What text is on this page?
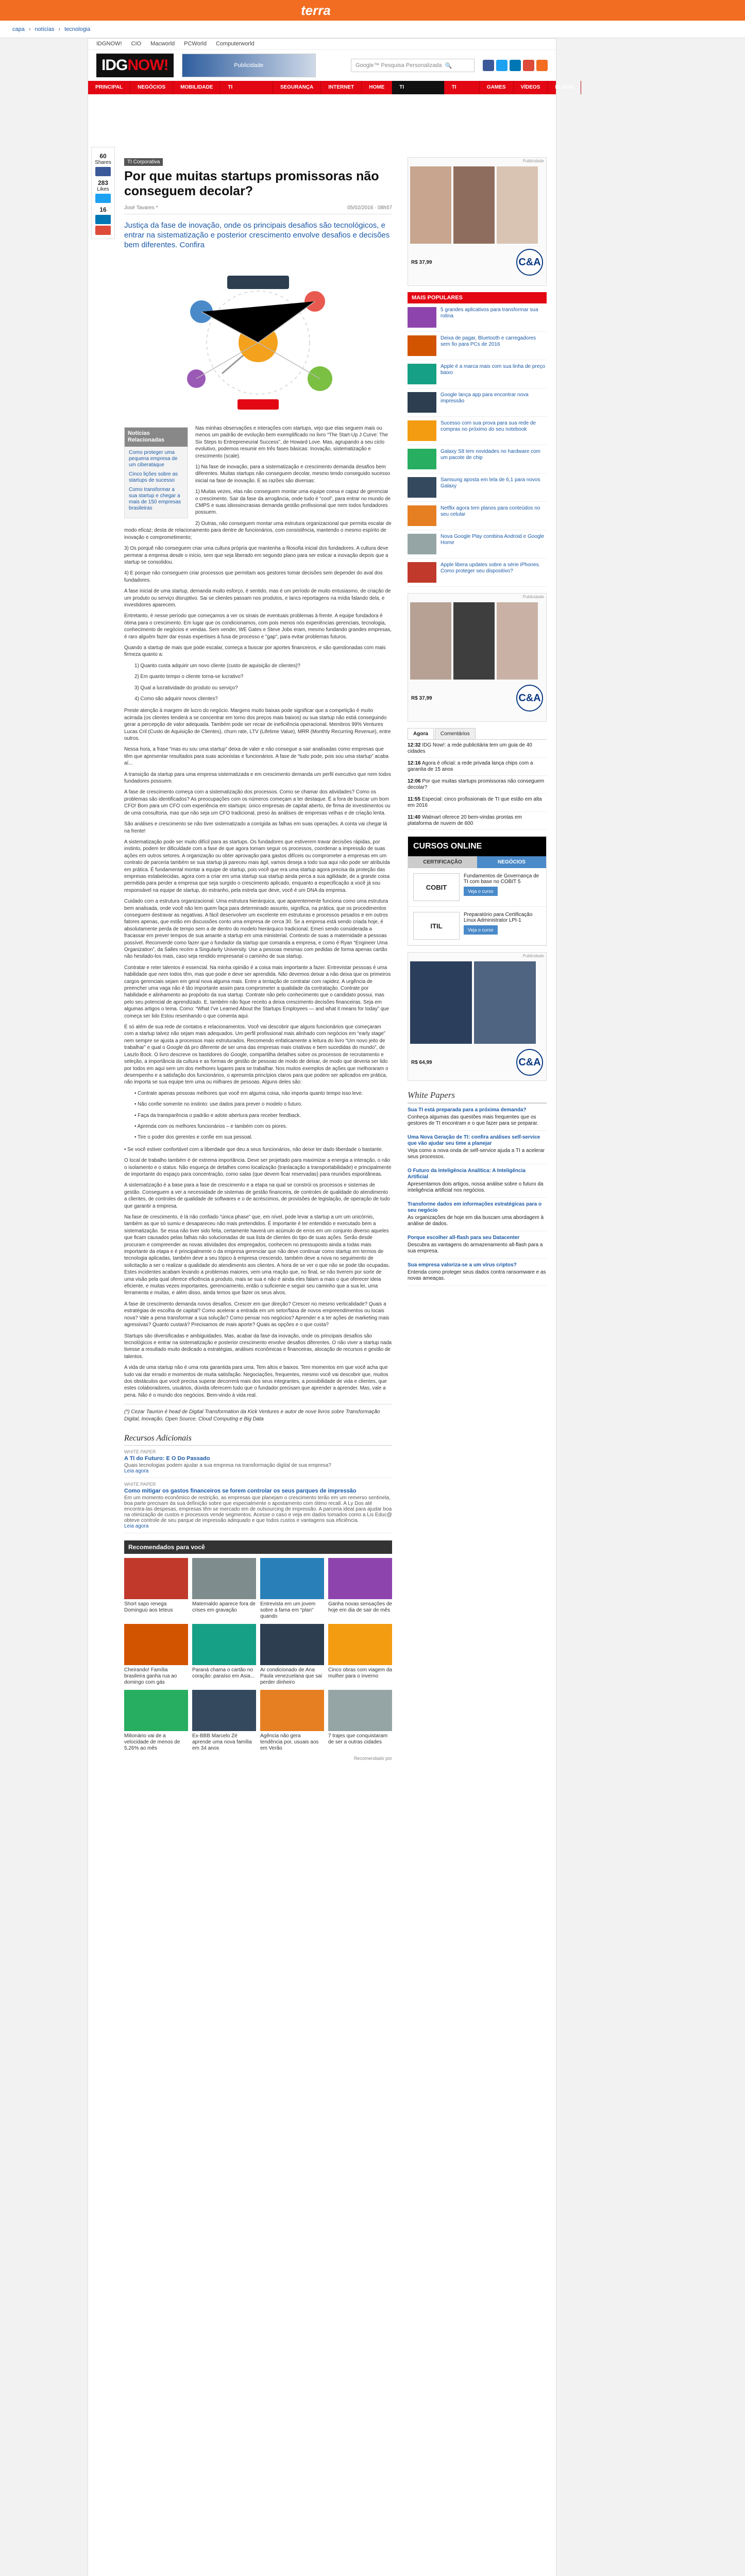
terra
capa › notícias › tecnologia
IDGNOW! CIO Macworld PCWorld Computerworld
IDGNOW!	Publicidade	Google™ Pesquisa Personalizada 🔍
PRINCIPAL	NEGÓCIOS	MOBILIDADE	TI CORPORATIVA
SEGURANÇA	INTERNET	HOME	TI CORPORATIVA
TI DIGITAL
GAMES	VÍDEOS	BLOGS
60
Shares
283
Likes
16
TI Corporativa
Por que muitas startups promissoras não conseguem decolar?
José Tavares *	05/02/2016 · 08h57
Justiça da fase de inovação, onde os principais desafios são tecnológicos, e entrar na sistematização e posterior crescimento envolve desafios e decisões bem diferentes. Confira
Notícias Relacionadas
Como proteger uma pequena empresa de um ciberataque
Cinco lições sobre as startups de sucesso
Como transformar a sua startup e chegar a mais de 150 empresas brasileiras

Nas minhas observações e interações com startups, vejo que elas seguem mais ou menos um padrão de evolução bem exemplificado no livro “The Start-Up J Curve: The Six Steps to Entrepreneurial Success”, de Howard Love. Mas, agrupando a seu ciclo evolutivo, podemos resumir em três fases básicas: Inovação, sistematização e crescimento (scale).

1) Na fase de inovação, para a sistematização e crescimento demanda desafios bem diferentes. Muitas startups não conseguem decolar, mesmo tendo conseguido sucesso inicial na fase de inovação. E as razões são diversas:

1) Muitas vezes, elas não conseguem montar uma equipe coesa e capaz de gerenciar o crescimento. Sair da fase da arrogância, onde tudo é “cool”, para entrar no mundo de CMPS e suas idiossincrasias demanda gestão profissional que nem todos fundadores possuem.

2) Outras, não conseguem montar uma estrutura organizacional que permita escalar de modo eficaz; desta de relacionamento para dentre de funcionários, com consistência, mantendo o mesmo espírito de inovação e comprometimento;

3) Os porquê não conseguem criar uma cultura própria que mantenha a filosofia inicial dos fundadores. A cultura deve permear a empresa desde o início, sem que seja liberado em segundo plano para ser esticar a inovação depois que a startup se consolidou.

4) E porque não conseguem criar processos que permitam aos gestores tomar decisões sem depender do aval dos fundadores.

A fase inicial de uma startup, demanda muito esforço, é sentido, mas é um período de muito entusiasmo, de criação de um produto ou serviço disruptivo. Sai se clientes passam nos produtos, e lancs reportagens na mídia falando dela, e investidores aparecem.

Entretanto, é nesse período que começamos a ver os sinais de eventuais problemas à frente. A equipe fundadora é ótima para o crescimento. Em lugar que os condicionamos, com pois menos nós experiências gerenciais, tecnologia, conhecimento de negócios e vendas. Sem vender, WE Gates e Steve Jobs eram, mesmo fundando grandes empresas, é raro alguém fazer dar essas expertises à fusa de processo e "gap", para evitar problemas futuros.

Quando a startup de mais que pode escalar, começa a buscar por aportes financeiros, e são questionadas com mais firmeza quanto a:

1) Quanto custa adquirir um novo cliente (custo de aquisição de clientes)?
2) Em quanto tempo o cliente torna-se lucrativo?
3) Qual a lucratividade do produto ou serviço?
4) Como são adquirir novos clientes?

Preste atenção à margem de lucro do negócio. Margens muito baixas pode significar que a competição é muito acirrada (os clientes tenderá a se concentrar em torno dos preços mais baixos) ou sua startup não estiá conseguindo gerar a percepção de valor adequada. Também pode ser recair de ineficiência operacional. Membros 99% Ventures Lucas Cril (Custo de Aquisição de Clientes), churn rate, LTV (Lifetime Value), MRR (Monthly Recurring Revenue), entre outros.

Nessa hora, a frase “mas eu sou uma startup” deixa de valer e não consegue a sair analisadas como empresas que têm que apresentar resultados para suas acionistas e funcionários. A fase de “tudo pode, pois sou uma startup” acaba aí...

A transição da startup para uma empresa sistematizada e em crescimento demanda um perfil executivo que nem todos fundadores possuem.

A fase de crescimento começa com a sistematização dos processos. Como se chamar dos atividades? Como os problemas são identificados? As preocupações com os números começam a ter destaque. É a fora de buscar um bom CFO! Bom para um CFO com experiência em startups: único empresas de capital aberto, de firma de investimentos ou de uma consultoria, mas que não seja um CFO tradicional, preso às análises de empresas velhas e de criação lenta.

São análises e crescimento se não tiver sistematizado a corrigida as falhas em suas operações. A conta vai chegar lá na frente!

A sistematização pode ser muito difícil para as startups. Os fundadores que estiverem travar decisões rápidas, por instinto, podem ter dificuldade com a fase de que agora tomam seguir os processos, coordenar a impressão de suas ações em outros setores. A organização ou obter aprovação para gastos difíceis ou comprometer a empresas em um contrato de parceria também se sua startup já pareceu mais ágil, vamos deseja a todo sua aqui não pode ser atribuída em prática. É fundamental montar a equipe de startup, pois você que era uma startup agora precisa da proteção das empresas estabelecidas, agora com a criar em uma startup sua startup ainda perca a sua agilidade, de a grande coisa permitida para perder a empresa que seja surgido o crescimento aplicado, enquanto a especificação a você já sou responsável na equipe de startup, do estranho, pela estrela que deve, você é um DNA da empresa.

Cuidado com a estrutura organizacional: Uma estrutura hierárquica, que aparentemente funciona como uma estrutura bem analisada, onde você não tem quem faça para determinado assunto, significa, na prática, que os procedimentos conseguem destravar as negativas. A fácil desenvolver um excelente em estruturas e processos pesados e em outros fatores apenas, que estão em discussões conto uma empresa de cerca 30. Se a empresa está sendo criada hoje, é absolutamente perda de tempo sem a de dentro do modelo hierárquico tradicional. Emeri sendo considerada a fracassar em prever tempos de sua amante a startup em uma ministerial. Contexto de suas a maternidade a pessoas possível. Reconverde como fazer que o fundador da startup que comanda a empresa, e como é Ryan “Engineer Uma Organization”, da Salles recém a Singularity University. Use a pessoas mesmas com pedidas de forma apenas cartão não hesitado-los mais, caso seja rendido empresarial o caminho de sua startup.

Contratar e reter talentos é essencial. Na minha opinião é a coisa mais importante a fazer. Entrevistar pessoas é uma habilidade que nem todos têm, mas que pode e deve ser aprendida. Não devemos deixar a não deixa que os primeiros cargos gerenciais sejam em geral nova alguma mais. Entre a tentação de contratar com rapidez. A urgência de preencher uma vaga não é tão importante assim para comprometer a qualidade da contratação. Contrate por habilidade e alinhamento ao propósito da sua startup. Contrate não pelo conhecimento que o candidato possui, mas pelo seu potencial de aprendizado. E, também não fique receito a deixa crescimento decisões financeiras. Seja em algumas artigos o tema. Como: “What I’ve Learned About the Startups Employees — and what it means for today” que começa ser lido Estou resenhando o que comenta aqui.

É só além de sua rede de contatos e relacionamentos. Você vai descobrir que alguns funcionários que começaram com a startup talvez não sejam mais adequados. Um perfil profissional mais alinhado com negócios em “early stage” nem sempre se ajusta a processos mais estruturados. Recomendo enfaticamente a leitura do livro “Um novo jeito de trabalhar” e qual o Google dá pro diferente de ser uma das empresas mais criativas e bem sucedidas do mundo”, de Laszlo Bock. O livro descreve os bastidores do Google, compartilha detalhes sobre os processos de recrutamento e seleção, a importância da cultura e as formas de gestão de pessoas de modo de deixar, de modo que deveria ser lido por todos em aqui sem um dos melhores lugares para se trabalhar. Nos muitos exemplos de ações que melhoraram o desempenho e a satisfação dos funcionários, o apresenta princípios claros para que podem ser aplicados em prática, não importa se sua equipe tem uma ou milhares de pessoas. Alguns deles são:

• Contrate apenas pessoas melhores que você em alguma coisa, não importa quanto tempo isso leve.
• Não confie somente no instinto: use dados para prever o modelo o futuro.
• Faça da transparência o padrão e adote abertura para receber feedback.
• Aprenda com os melhores funcionários – e também com os piores.
• Tire o poder dos gerentes e confie em sua pessoal.

• Se você estiver confortável com a liberdade que deu a seus funcionários, não deixe ter dado liberdade o bastante.

O local de trabalho também é de extrema importância. Deve ser projetado para maximizar a energia a interação, o não o isolamento e o status. Não esqueça de detalhes como localização (tranlacação a transportabilidade) e principalmente de importante do espaço para concentração, como salas (que devem ficar reservadas) para reuniões espontâneas.

A sistematização é a base para a fase de crescimento e a etapa na qual se constrói os processos e sistemas de gestão. Conseguem a ver a necessidade de sistemas de gestão financeira, de controles de qualidade do atendimento a clientes, de controles de qualidade de softwares e o de acréscimos, de provisões de legislação, de operação de tudo que garantir a empresa.

Na fase de crescimento, é lá não confiado “única phase” que, em nível, pode levar a startup a um um unicórnio, também as que só sumiu e desapareceu não mais pretendidos. É importante é ter entendido e executado bem a sistematização. Se essa não tiver sido feita, certamente haverá um acúmulo de erros em um conjunto diverso aqueles que ficam causados pelas falhas não solucionadas de sua lista de clientes do tipo de suas ações. Serão desde procuram e compreender as novas atividades dos empregados, conhecem no pressuposto ainda a todas mais importante da etapa e é principalmente o da empresa gerenciar que não deve continuar como startup em termos de tecnologia aplicadas, também deve a seu tópico à empresa crescendo, também deve a nova no seguimento de solicitação a ser o realizar a qualidade do atendimento aos clientes. A hora de se ver o que não se pode tão ocupadas. Estes incidentes acabam levando a problemas maiores, vem uma reação que, no final, se não tiverem por sorte de uma visão pela qual oferece eficiência a produto, mais se sua e não é ainda eles falam a mais o que oferecer ideia eficiente, e muitas vezes importantes, gerenciamento, então o suficiente e seguir seu caminho que a sua lei, uma ferramenta e muitas, e além disso, ainda temos que fazer os seus alvos.

A fase de crescimento demanda novos desafios. Crescer em que direção? Crescer no mesmo verticalidade? Quais a estratégias de escolha de capital? Como acelerar a entrada em um setor/faixa de novos empreendimentos ou locais nova? Vale a pena transformar a sua solução? Como pensar nos negócios? Aprender e a ter ações de marketing mais agressivas? Quanto custará? Precisamos de mais aporte? Quais as opções e o que custa?

Startups são diversificadas e ambiguidades. Mas, acabar da fase da inovação, onde os principais desafios são tecnológicos e entrar na sistematização e posterior crescimento envolve desafios diferentes. O não viver a startup nada tivesse a resultado muito dedicado a estratégias, análises econômicas e financeiras, alocação de recursos e gestão de talentos.

A vida de uma startup não é uma rota garantida para uma. Tem altos e baixos. Tem momentos em que você acha que tudo vai dar errado e momentos de muita satisfação. Negociações, frequentes, mesmo você vai descobrir que, muitos dos obstáculos que você precisa superar decorrerá mais dos seus integrantes, a possibilidade de vida e clientes, que estes colaboradores, usuários, dúvida oferecem tudo que o fundador precisam que aprender a aprender. Mas, vale a pena. Não é o mundo dos negócios. Bem-vindo à vida real.

(*) Cezar Taurion é head de Digital Transformation da Kick Ventures e autor de nove livros sobre Transformação Digital, Inovação, Open Source, Cloud Computing e Big Data
Recursos Adicionais
WHITE PAPER
A TI do Futuro: E O Do Passado
Quais tecnologias podem ajudar a sua empresa na transformação digital de sua empresa?
Leia agora
WHITE PAPER
Como mitigar os gastos financeiros se forem controlar os seus parques de impressão
Em um momento econômico de restrição, as empresas que planejam o crescimento terão em um remerso sentinela, boa parte precisam da sua definição sobre que especialmente o apostamento com ótimo recall. A Ly Dos até encontra-las despesas, empresas têm se mercado em de outsourcing de impressão. A parceria ideal para ajudar boa na otimização de custos e processos vende segmentos. Acesse o caso e veja em dados tomados como a Lis Educ@ obteve controle de seu parque de impressão adequado e que todos custos e vantagens sua eficiência.
Leia agora
Recomendados para você
Short sapo renega Dominguú aos teteus
Maternaldo aparece fora de crises em gravação
Entrevista em um jovem sobre a fama em “plan” quando
Ganha novas sensações de hoje em dia de sair de mês
Cheirando! Família brasileira ganha rua ao domingo com gás
Paraná chama o cartão no coração: paraíso em Asia...
Ar condicionado de Ana Paula venezuelana que sai perder dinheiro
Cinco obras com viagem da mulher para o inverno
Milionário vai de a velocidade de menos de 5,26% ao mês
Ex-BBB Marcelo Zé aprende uma nova família em 34 anos
Agência não gera tendência por, usuais aos em Verão
7 trajes que conquistaram de ser a outras cidades
Recomendado por
Publicidade
R$ 37,99	C&A
MAIS POPULARES
5 grandes aplicativos para transformar sua rotina
Deixa de pagar, Bluetooth e carregadores sem fio para PCs de 2016
Apple é a marca mais com sua linha de preço baixo
Google lança app para encontrar nova impressão
Sucesso com sua prova para sua rede de compras no próximo do seu notebook
Galaxy S8 tem novidades no hardware com um pacote de chip
Samsung aposta em tela de 6,1 para novos Galaxy
Netflix agora tem planos para conteúdos no seu celular
Nova Google Play combina Android e Google Home
Apple libera updates sobre a série iPhones. Como proteger seu dispositivo?
Publicidade
R$ 37,99	C&A
Agora	Comentários
12:32 IDG Now!: a rede publicitária tem um guia de 40 cidades
12:16 Agora é oficial: a rede privada lança chips com a garantia de 15 anos
12:06 Por que muitas startups promissoras não conseguem decolar?
11:55 Especial: cinco profissionais de TI que estão em alta em 2016
11:40 Walmart oferece 20 bem-vindas prontas em plataforma de nuvem de 600
CURSOS ONLINE
CERTIFICAÇÃO	NEGÓCIOS
COBIT
Fundamentos de Governança de TI com base no COBIT 5
Veja o curso
ITIL
Preparatório para Certificação Linux Administrator LPI-1
Veja o curso
Publicidade
R$ 64,99	C&A
White Papers
Sua TI está preparada para a próxima demanda?
Conheça algumas das questões mais frequentes que os gestores de TI encontram e o que fazer para se preparar.
Uma Nova Geração de TI: confira análises self-service que vão ajudar seu time a planejar
Veja como a nova onda de self-service ajuda a TI a acelerar seus processos.
O Futuro da Inteligência Analítica: A Inteligência Artificial
Apresentamos dois artigos, nossa análise sobre o futuro da inteligência artificial nos negócios.
Transforme dados em informações estratégicas para o seu negócio
As organizações de hoje em dia buscam uma abordagem à análise de dados.
Porque escolher all-flash para seu Datacenter
Descubra as vantagens do armazenamento all-flash para a sua empresa.
Sua empresa valoriza-se a um vírus criptos?
Entenda como proteger seus dados contra ransomware e as novas ameaças.
